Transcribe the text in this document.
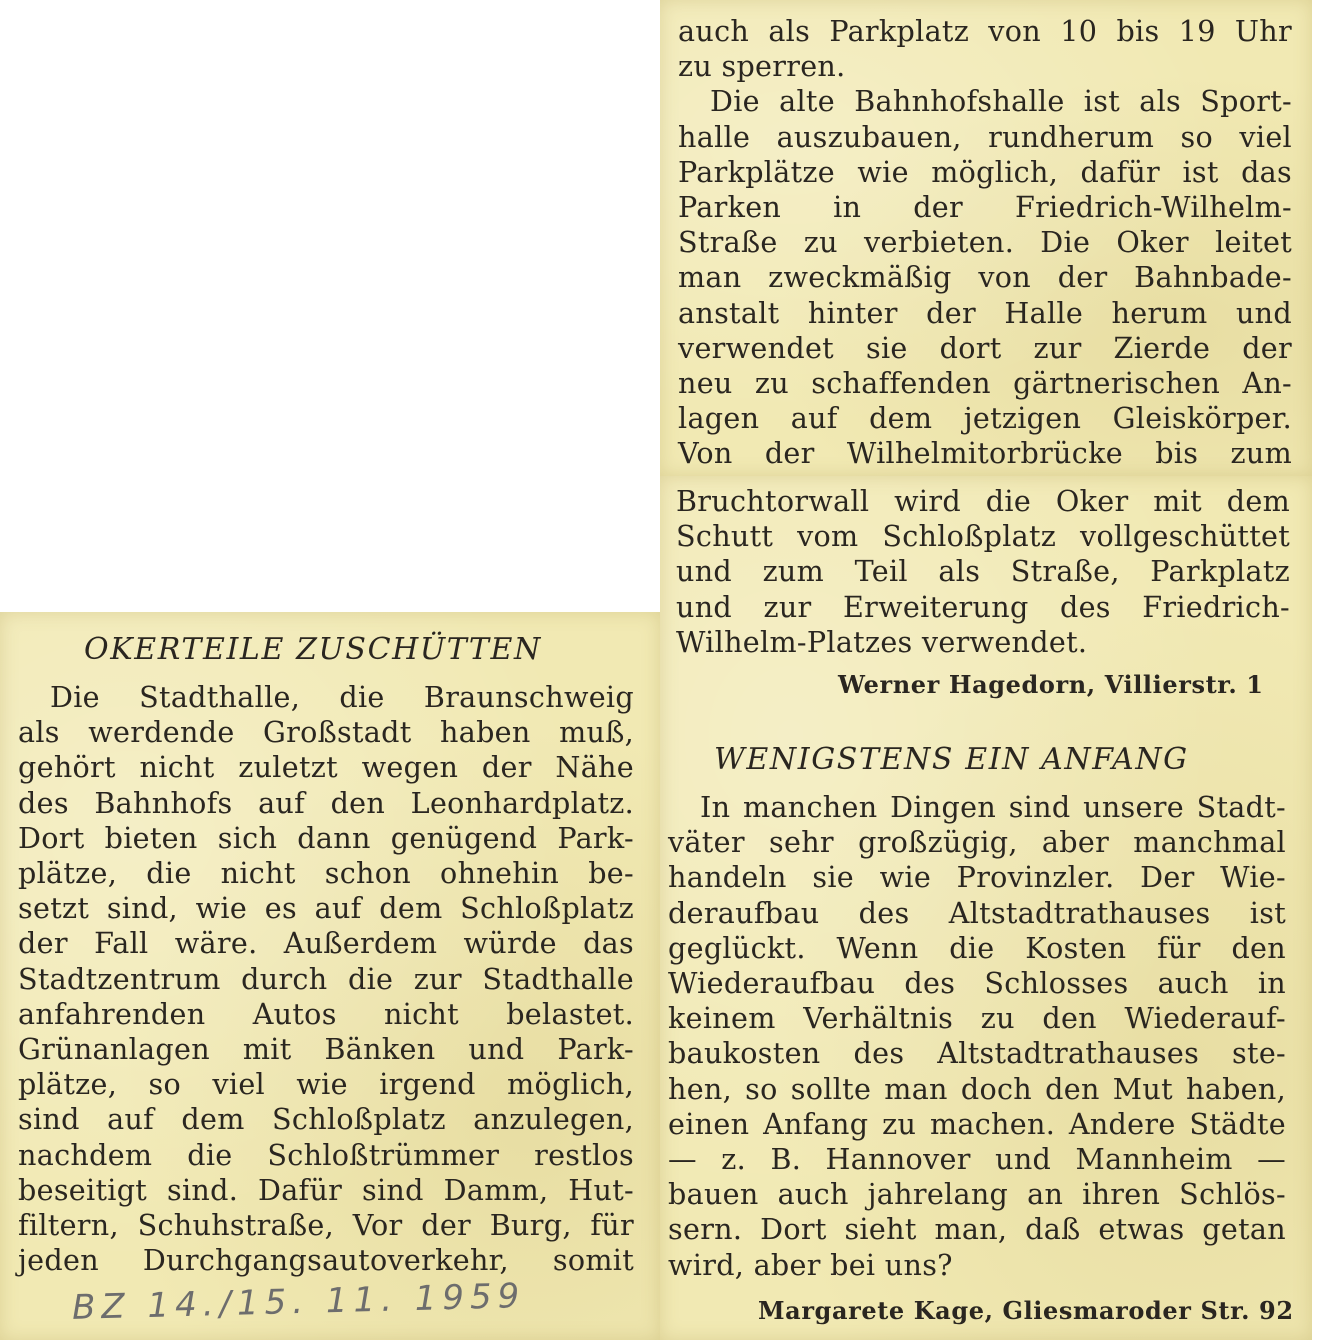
auch als Parkplatz von 10 bis 19 Uhr

zu sperren.

Die alte Bahnhofshalle ist als Sport-

halle auszubauen, rundherum so viel

Parkplätze wie möglich, dafür ist das

Parken in der Friedrich-Wilhelm-

Straße zu verbieten. Die Oker leitet

man zweckmäßig von der Bahnbade-

anstalt hinter der Halle herum und

verwendet sie dort zur Zierde der

neu zu schaffenden gärtnerischen An-

lagen auf dem jetzigen Gleiskörper.

Von der Wilhelmitorbrücke bis zum

Bruchtorwall wird die Oker mit dem

Schutt vom Schloßplatz vollgeschüttet

und zum Teil als Straße, Parkplatz

und zur Erweiterung des Friedrich-

Wilhelm-Platzes verwendet.

Werner Hagedorn, Villierstr. 1
OKERTEILE ZUSCHÜTTEN

Die Stadthalle, die Braunschweig

als werdende Großstadt haben muß,

gehört nicht zuletzt wegen der Nähe

des Bahnhofs auf den Leonhardplatz.

Dort bieten sich dann genügend Park-

plätze, die nicht schon ohnehin be-

setzt sind, wie es auf dem Schloßplatz

der Fall wäre. Außerdem würde das

Stadtzentrum durch die zur Stadthalle

anfahrenden Autos nicht belastet.

Grünanlagen mit Bänken und Park-

plätze, so viel wie irgend möglich,

sind auf dem Schloßplatz anzulegen,

nachdem die Schloßtrümmer restlos

beseitigt sind. Dafür sind Damm, Hut-

filtern, Schuhstraße, Vor der Burg, für

jeden Durchgangsautoverkehr, somit

WENIGSTENS EIN ANFANG

In manchen Dingen sind unsere Stadt-

väter sehr großzügig, aber manchmal

handeln sie wie Provinzler. Der Wie-

deraufbau des Altstadtrathauses ist

geglückt. Wenn die Kosten für den

Wiederaufbau des Schlosses auch in

keinem Verhältnis zu den Wiederauf-

baukosten des Altstadtrathauses ste-

hen, so sollte man doch den Mut haben,

einen Anfang zu machen. Andere Städte

— z. B. Hannover und Mannheim —

bauen auch jahrelang an ihren Schlös-

sern. Dort sieht man, daß etwas getan

wird, aber bei uns?

Margarete Kage, Gliesmaroder Str. 92
BZ 14./15. 11. 1959
